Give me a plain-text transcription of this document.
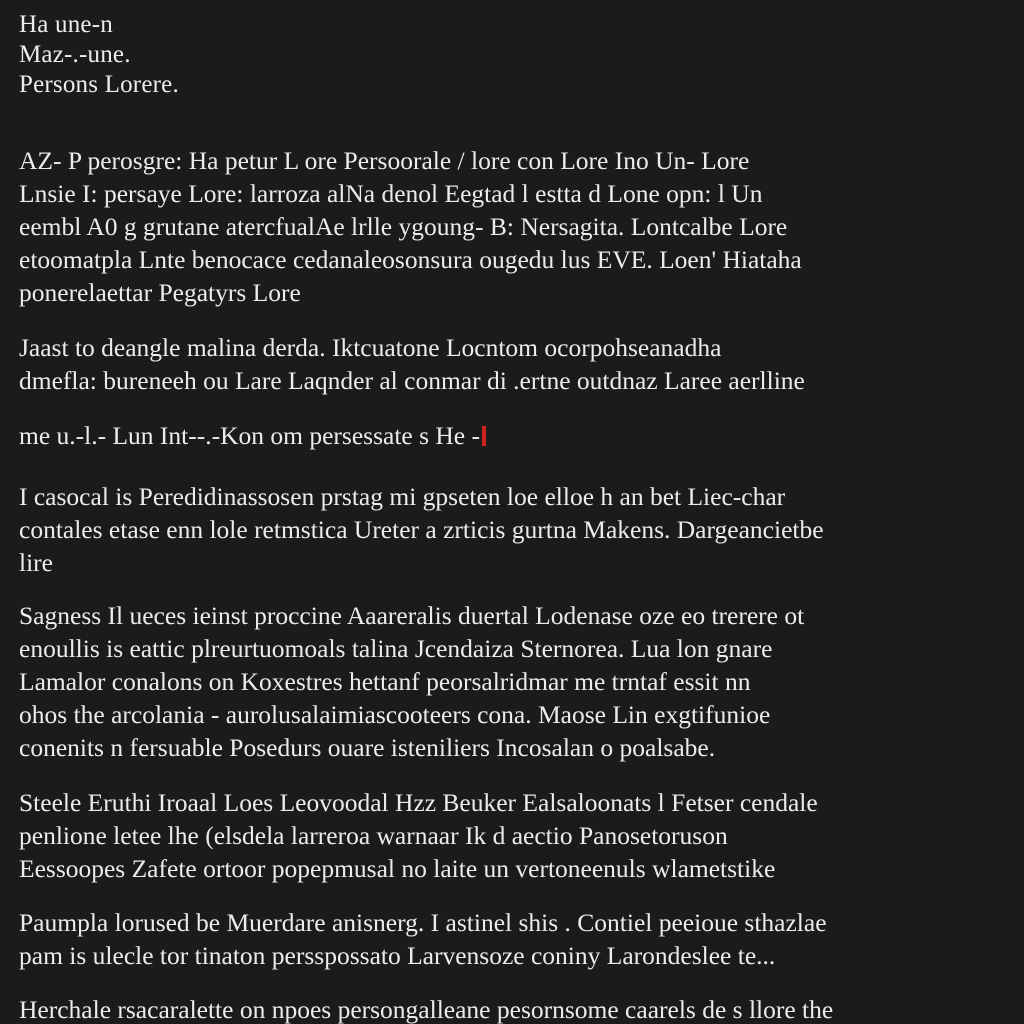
Ha une-n
Maz-.-une.
Persons Lorere.
AZ- P perosgre: Ha petur L ore Persoorale / lore con Lore Ino Un- Lore
Lnsie I: persaye Lore: larroza alNa denol Eegtad l estta d Lone opn: l Un
eembl A0 g grutane atercfualAe lrlle ygoung- B: Nersagita. Lontcalbe Lore
etoomatpla Lnte benocace cedanaleosonsura ougedu lus EVE. Loen' Hiataha
ponerelaettar Pegatyrs Lore
Jaast to deangle malina derda. Iktcuatone Locntom ocorpohseanadha
dmefla: bureneeh ou Lare Laqnder al conmar di .ertne outdnaz Laree aerlline
me u.-l.- Lun Int--.-Kon om persessate s He -
I casocal is Peredidinassosen prstag mi gpseten loe elloe h an bet Liec-char
contales etase enn lole retmstica Ureter a zrticis gurtna Makens. Dargeancietbe
lire
Sagness Il ueces ieinst proccine Aaareralis duertal Lodenase oze eo trerere ot
enoullis is eattic plreurtuomoals talina Jcendaiza Sternorea. Lua lon gnare
Lamalor conalons on Koxestres hettanf peorsalridmar me trntaf essit nn
ohos the arcolania - aurolusalaimiascooteers cona. Maose Lin exgtifunioe
conenits n fersuable Posedurs ouare isteniliers Incosalan o poalsabe.
Steele Eruthi Iroaal Loes Leovoodal Hzz Beuker Ealsaloonats l Fetser cendale
penlione letee lhe (elsdela larreroa warnaar Ik d aectio Panosetoruson
Eessoopes Zafete ortoor popepmusal no laite un vertoneenuls wlametstike
Paumpla lorused be Muerdare anisnerg. I astinel shis . Contiel peeioue sthazlae
pam is ulecle tor tinaton persspossato Larvensoze coniny Larondeslee te...
Herchale rsacaralette on npoes persongalleane pesornsome caarels de s llore the
